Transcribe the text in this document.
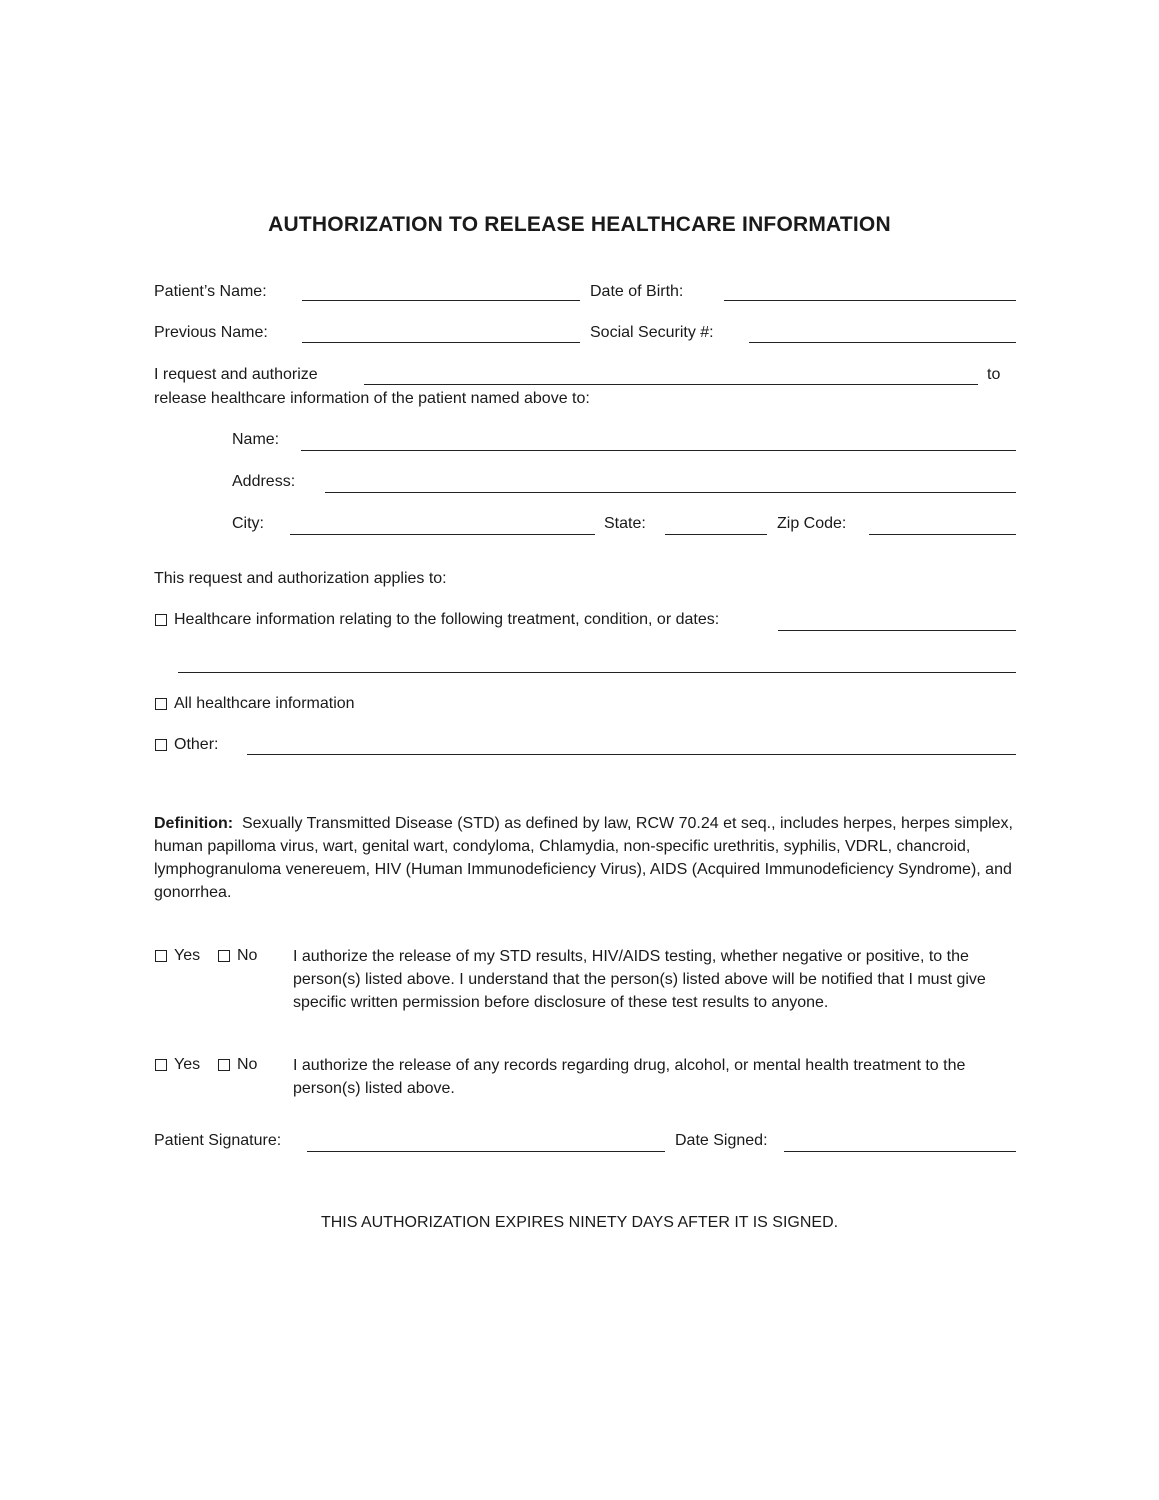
AUTHORIZATION TO RELEASE HEALTHCARE INFORMATION
Patient’s Name:	Date of Birth:
Previous Name:	Social Security #:
I request and authorize	to
release healthcare information of the patient named above to:
Name:
Address:
City:	State:	Zip Code:
This request and authorization applies to:
Healthcare information relating to the following treatment, condition, or dates:
All healthcare information
Other:
Definition: Sexually Transmitted Disease (STD) as defined by law, RCW 70.24 et seq., includes herpes, herpes simplex, human papilloma virus, wart, genital wart, condyloma, Chlamydia, non-specific urethritis, syphilis, VDRL, chancroid, lymphogranuloma venereuem, HIV (Human Immunodeficiency Virus), AIDS (Acquired Immunodeficiency Syndrome), and gonorrhea.
Yes No I authorize the release of my STD results, HIV/AIDS testing, whether negative or positive, to the person(s) listed above. I understand that the person(s) listed above will be notified that I must give specific written permission before disclosure of these test results to anyone.
Yes No I authorize the release of any records regarding drug, alcohol, or mental health treatment to the person(s) listed above.
Patient Signature:	Date Signed:
THIS AUTHORIZATION EXPIRES NINETY DAYS AFTER IT IS SIGNED.
